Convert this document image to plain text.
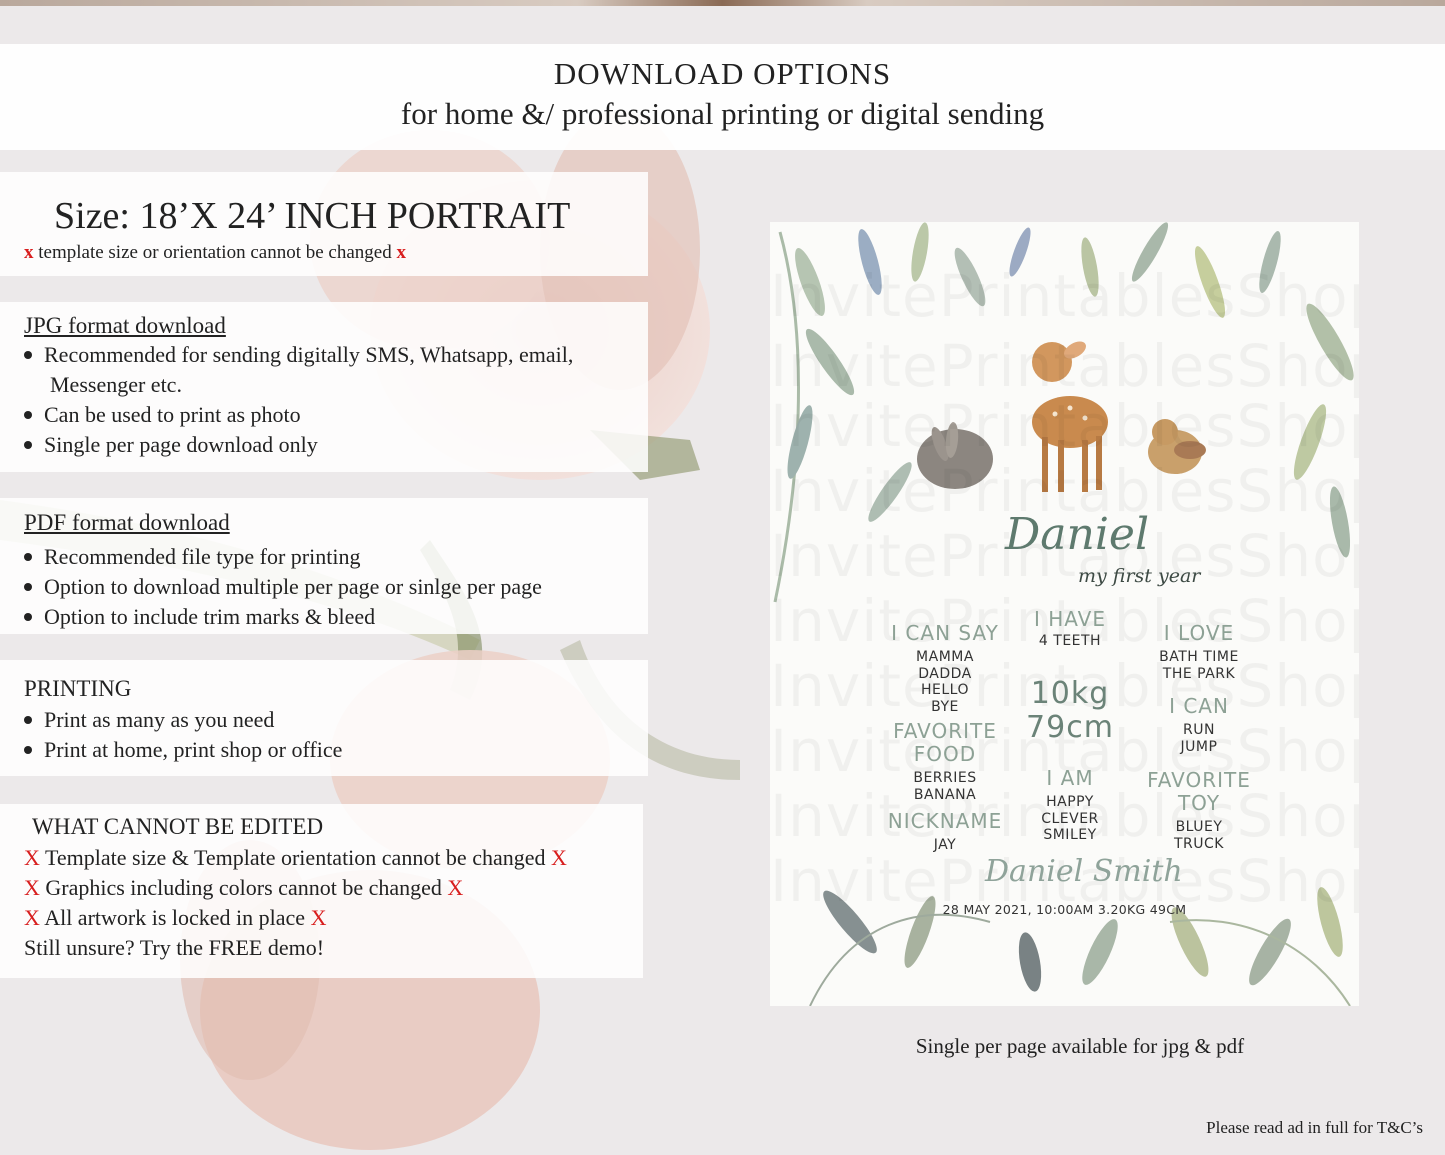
DOWNLOAD OPTIONS
for home &/ professional printing or digital sending
Size: 18’X 24’ INCH PORTRAIT
x template size or orientation cannot be changed x
JPG format download
Recommended for sending digitally SMS, Whatsapp, email,
Messenger etc.
Can be used to print as photo
Single per page download only
PDF format download
Recommended file type for printing
Option to download multiple per page or sinlge per page
Option to include trim marks & bleed
PRINTING
Print as many as you need
Print at home, print shop or office
WHAT CANNOT BE EDITED
X Template size & Template orientation cannot be changed X
X Graphics including colors cannot be changed X
X All artwork is locked in place X
Still unsure? Try the FREE demo!
Daniel
my first year
I CAN SAY
MAMMA
DADDA
HELLO
BYE
FAVORITE
FOOD
BERRIES
BANANA
NICKNAME
JAY
I HAVE
4 TEETH
10kg
79cm
I AM
HAPPY
CLEVER
SMILEY
I LOVE
BATH TIME
THE PARK
I CAN
RUN
JUMP
FAVORITE
TOY
BLUEY
TRUCK
Daniel Smith
28 MAY 2021, 10:00AM 3.20KG 49CM
Single per page available for jpg & pdf
Please read ad in full for T&C’s
